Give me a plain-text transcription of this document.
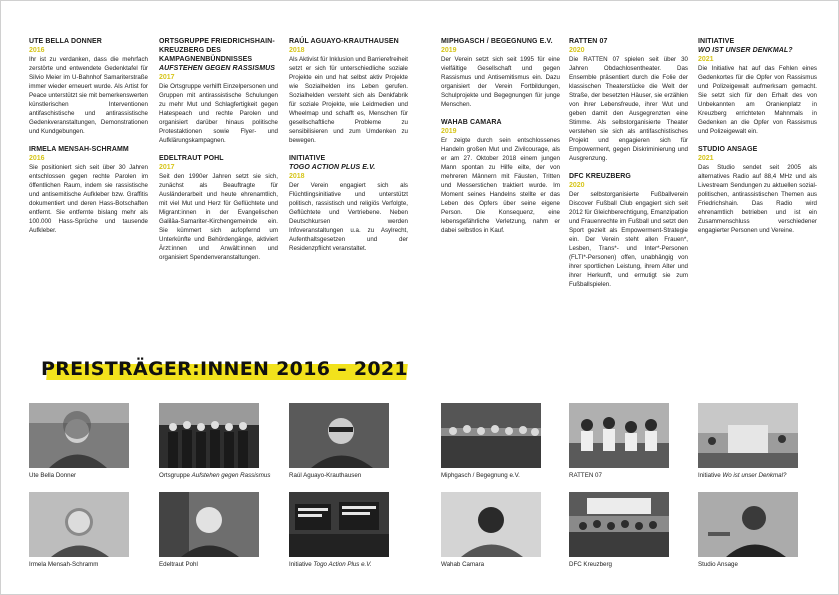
UTE BELLA DONNER
2016
Ihr ist zu verdanken, dass die mehrfach zerstörte und entwendete Gedenktafel für Silvio Meier im U-Bahnhof Samariterstraße immer wieder erneuert wurde. Als Artist for Peace unterstützt sie mit bemerkenswerten künstlerischen Interventionen antifaschistische und antirassistische Gedenkveranstaltungen, Demonstrationen und Kundgebungen.
IRMELA MENSAH-SCHRAMM
2016
Sie positioniert sich seit über 30 Jahren entschlossen gegen rechte Parolen im öffentlichen Raum, indem sie rassistische und antisemitische Aufkleber bzw. Graffitis dokumentiert und deren Hass-Botschaften entfernt. Sie entfernte bislang mehr als 100.000 Hass-Sprüche und tausende Aufkleber.
ORTSGRUPPE FRIEDRICHSHAIN-KREUZBERG DES KAMPAGNENBÜNDNISSES
AUFSTEHEN GEGEN RASSISMUS
2017
Die Ortsgruppe verhilft Einzelpersonen und Gruppen mit antirassistische Schulungen zu mehr Mut und Schlagfertigkeit gegen Hatespeach und rechte Parolen und organisiert darüber hinaus politische Protestaktionen sowie Flyer- und Aufklärungskampagnen.
EDELTRAUT POHL
2017
Seit den 1990er Jahren setzt sie sich, zunächst als Beauftragte für Ausländerarbeit und heute ehrenamtlich, mit viel Mut und Herz für Geflüchtete und Migrant:innen in der Evangelischen Galiläa-Samariter-Kirchengemeinde ein. Sie kümmert sich aufopfernd um Unterkünfte und Behördengänge, aktiviert Ärzt:innen und Anwält:innen und organisiert Spendenveranstaltungen.
RAÚL AGUAYO-KRAUTHAUSEN
2018
Als Aktivist für Inklusion und Barrierefreiheit setzt er sich für unterschiedliche soziale Projekte ein und hat selbst aktiv Projekte wie Sozialhelden ins Leben gerufen. Sozialhelden versteht sich als Denkfabrik für soziale Projekte, wie Leidmedien und Wheelmap und schafft es, Menschen für gesellschaftliche Probleme zu sensibilisieren und zum Umdenken zu bewegen.
INITIATIVE
TOGO ACTION PLUS E.V.
2018
Der Verein engagiert sich als Flüchtlingsinitiative und unterstützt politisch, rassistisch und religiös Verfolgte, Geflüchtete und Vertriebene. Neben Deutschkursen werden Infoveranstaltungen u.a. zu Asylrecht, Aufenthaltsgesetzen und der Residenzpflicht veranstaltet.
MIPHGASCH / BEGEGNUNG E.V.
2019
Der Verein setzt sich seit 1995 für eine vielfältige Gesellschaft und gegen Rassismus und Antisemitismus ein. Dazu organisiert der Verein Fortbildungen, Schulprojekte und Begegnungen für junge Menschen.
WAHAB CAMARA
2019
Er zeigte durch sein entschlossenes Handeln großen Mut und Zivilcourage, als er am 27. Oktober 2018 einem jungen Mann spontan zu Hilfe eilte, der von mehreren Männern mit Fäusten, Tritten und Messerstichen traktiert wurde. Im Moment seines Handelns stellte er das Leben des Opfers über seine eigene Person. Die Konsequenz, eine lebensgefährliche Verletzung, nahm er dabei selbstlos in Kauf.
RATTEN 07
2020
Die RATTEN 07 spielen seit über 30 Jahren Obdachlosentheater. Das Ensemble präsentiert durch die Folie der klassischen Theaterstücke die Welt der Straße, der besetzten Häuser, sie erzählen von ihrer Lebensfreude, ihrer Wut und geben damit den Ausgegrenzten eine Stimme. Als selbstorganisierte Theater verstehen sie sich als antifaschistisches Projekt und engagieren sich für Empowerment, gegen Diskriminierung und Ausgrenzung.
DFC KREUZBERG
2020
Der selbstorganisierte Fußballverein Discover Fußball Club engagiert sich seit 2012 für Gleichberechtigung, Emanzipation und Frauenrechte im Fußball und setzt den Sport gezielt als Empowerment-Strategie ein. Der Verein steht allen Frauen*, Lesben, Trans*- und Inter*-Personen (FLTI*-Personen) offen, unabhängig von ihrer sportlichen Leistung, ihrem Alter und ihrer Herkunft, und ermutigt sie zum Fußballspielen.
INITIATIVE
WO IST UNSER DENKMAL?
2021
Die Initiative hat auf das Fehlen eines Gedenkortes für die Opfer von Rassismus und Polizeigewalt aufmerksam gemacht. Sie setzt sich für den Erhalt des von Unbekannten am Oranienplatz in Kreuzberg errichteten Mahnmals in Gedenken an die Opfer von Rassismus und Polizeigewalt ein.
STUDIO ANSAGE
2021
Das Studio sendet seit 2005 als alternatives Radio auf 88,4 MHz und als Livestream Sendungen zu aktuellen sozial-politischen, antirassistischen Themen aus Friedrichshain. Das Radio wird ehrenamtlich betrieben und ist ein Zusammenschluss verschiedener engagierter Personen und Vereine.
PREISTRÄGER:INNEN 2016 – 2021
Ute Bella Donner	Ortsgruppe Aufstehen gegen Rassismus	Raúl Aguayo-Krauthausen	Miphgasch / Begegnung e.V.	RATTEN 07	Initiative Wo ist unser Denkmal?
Irmela Mensah-Schramm	Edeltraut Pohl	Initiative Togo Action Plus e.V.	Wahab Camara	DFC Kreuzberg	Studio Ansage
